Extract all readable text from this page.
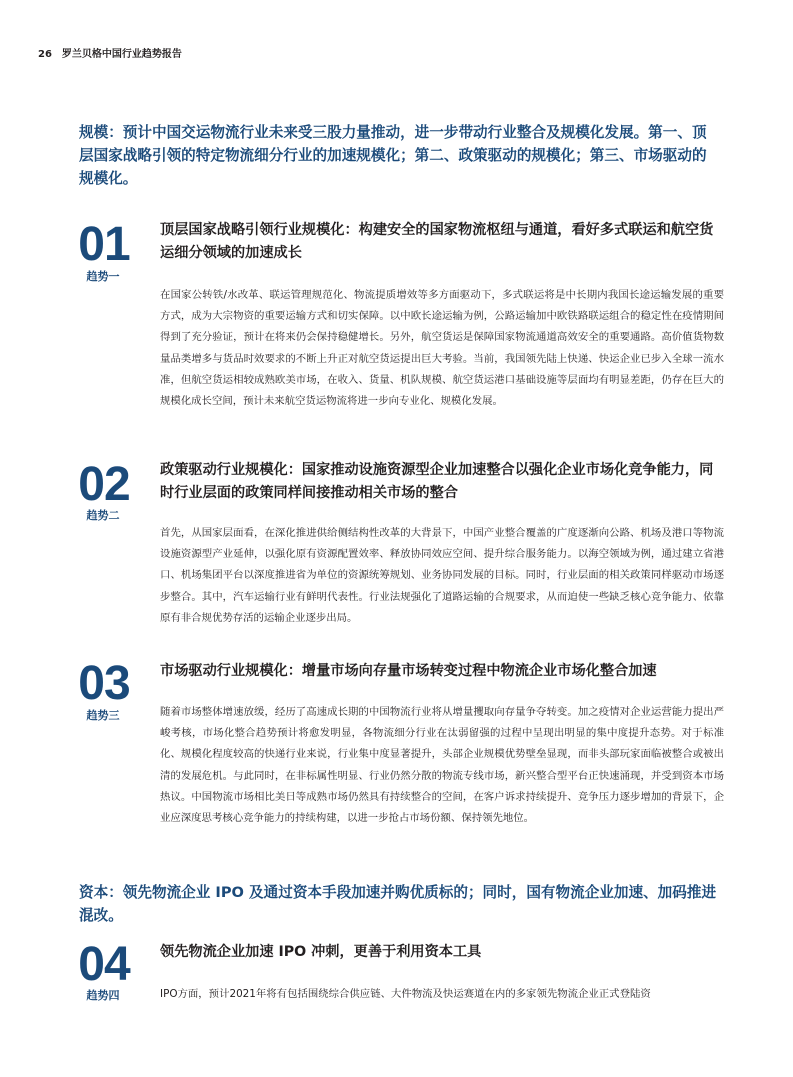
26 罗兰贝格中国行业趋势报告
规模：预计中国交运物流行业未来受三股力量推动，进一步带动行业整合及规模化发展。第一、顶层国家战略引领的特定物流细分行业的加速规模化；第二、政策驱动的规模化；第三、市场驱动的规模化。
01
趋势一
顶层国家战略引领行业规模化：构建安全的国家物流枢纽与通道，看好多式联运和航空货运细分领域的加速成长
在国家公转铁/水改革、联运管理规范化、物流提质增效等多方面驱动下，多式联运将是中长期内我国长途运输发展的重要方式，成为大宗物资的重要运输方式和切实保障。以中欧长途运输为例，公路运输加中欧铁路联运组合的稳定性在疫情期间得到了充分验证，预计在将来仍会保持稳健增长。另外，航空货运是保障国家物流通道高效安全的重要通路。高价值货物数量品类增多与货品时效要求的不断上升正对航空货运提出巨大考验。当前，我国领先陆上快递、快运企业已步入全球一流水准，但航空货运相较成熟欧美市场，在收入、货量、机队规模、航空货运港口基础设施等层面均有明显差距，仍存在巨大的规模化成长空间，预计未来航空货运物流将进一步向专业化、规模化发展。
02
趋势二
政策驱动行业规模化：国家推动设施资源型企业加速整合以强化企业市场化竞争能力，同时行业层面的政策同样间接推动相关市场的整合
首先，从国家层面看，在深化推进供给侧结构性改革的大背景下，中国产业整合覆盖的广度逐渐向公路、机场及港口等物流设施资源型产业延伸，以强化原有资源配置效率、释放协同效应空间、提升综合服务能力。以海空领域为例，通过建立省港口、机场集团平台以深度推进省为单位的资源统筹规划、业务协同发展的目标。同时，行业层面的相关政策同样驱动市场逐步整合。其中，汽车运输行业有鲜明代表性。行业法规强化了道路运输的合规要求，从而迫使一些缺乏核心竞争能力、依靠原有非合规优势存活的运输企业逐步出局。
03
趋势三
市场驱动行业规模化：增量市场向存量市场转变过程中物流企业市场化整合加速
随着市场整体增速放缓，经历了高速成长期的中国物流行业将从增量攫取向存量争夺转变。加之疫情对企业运营能力提出严峻考核，市场化整合趋势预计将愈发明显，各物流细分行业在汰弱留强的过程中呈现出明显的集中度提升态势。对于标准化、规模化程度较高的快递行业来说，行业集中度显著提升，头部企业规模优势壁垒显现，而非头部玩家面临被整合或被出清的发展危机。与此同时，在非标属性明显、行业仍然分散的物流专线市场，新兴整合型平台正快速涌现，并受到资本市场热议。中国物流市场相比美日等成熟市场仍然具有持续整合的空间，在客户诉求持续提升、竞争压力逐步增加的背景下，企业应深度思考核心竞争能力的持续构建，以进一步抢占市场份额、保持领先地位。
资本：领先物流企业 IPO 及通过资本手段加速并购优质标的；同时，国有物流企业加速、加码推进混改。
04
趋势四
领先物流企业加速 IPO 冲刺，更善于利用资本工具
IPO方面，预计2021年将有包括围绕综合供应链、大件物流及快运赛道在内的多家领先物流企业正式登陆资
